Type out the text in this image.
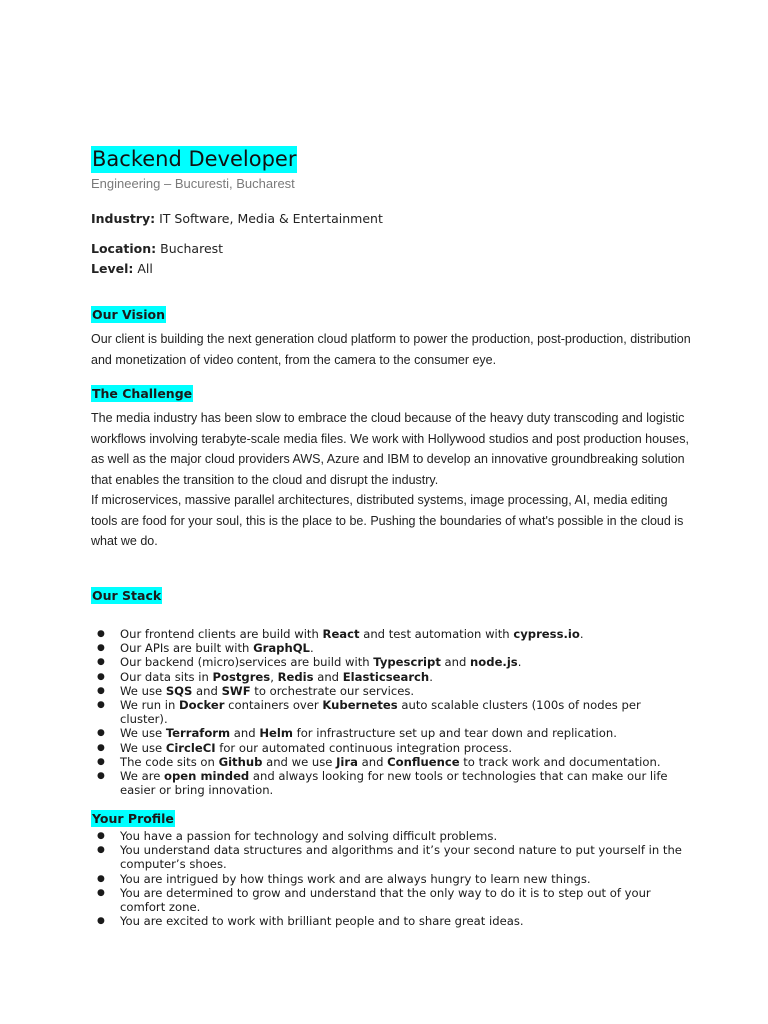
Backend Developer
Engineering – Bucuresti, Bucharest
Industry: IT Software, Media & Entertainment
Location: Bucharest
Level: All
Our Vision
Our client is building the next generation cloud platform to power the production, post-production, distribution and monetization of video content, from the camera to the consumer eye.
The Challenge
The media industry has been slow to embrace the cloud because of the heavy duty transcoding and logistic workflows involving terabyte-scale media files. We work with Hollywood studios and post production houses, as well as the major cloud providers AWS, Azure and IBM to develop an innovative groundbreaking solution that enables the transition to the cloud and disrupt the industry.
If microservices, massive parallel architectures, distributed systems, image processing, AI, media editing tools are food for your soul, this is the place to be. Pushing the boundaries of what's possible in the cloud is what we do.
Our Stack
● Our frontend clients are build with React and test automation with cypress.io.
● Our APIs are built with GraphQL.
● Our backend (micro)services are build with Typescript and node.js.
● Our data sits in Postgres, Redis and Elasticsearch.
● We use SQS and SWF to orchestrate our services.
● We run in Docker containers over Kubernetes auto scalable clusters (100s of nodes per cluster).
● We use Terraform and Helm for infrastructure set up and tear down and replication.
● We use CircleCI for our automated continuous integration process.
● The code sits on Github and we use Jira and Confluence to track work and documentation.
● We are open minded and always looking for new tools or technologies that can make our life easier or bring innovation.
Your Profile
● You have a passion for technology and solving difficult problems.
● You understand data structures and algorithms and it’s your second nature to put yourself in the computer’s shoes.
● You are intrigued by how things work and are always hungry to learn new things.
● You are determined to grow and understand that the only way to do it is to step out of your comfort zone.
● You are excited to work with brilliant people and to share great ideas.
